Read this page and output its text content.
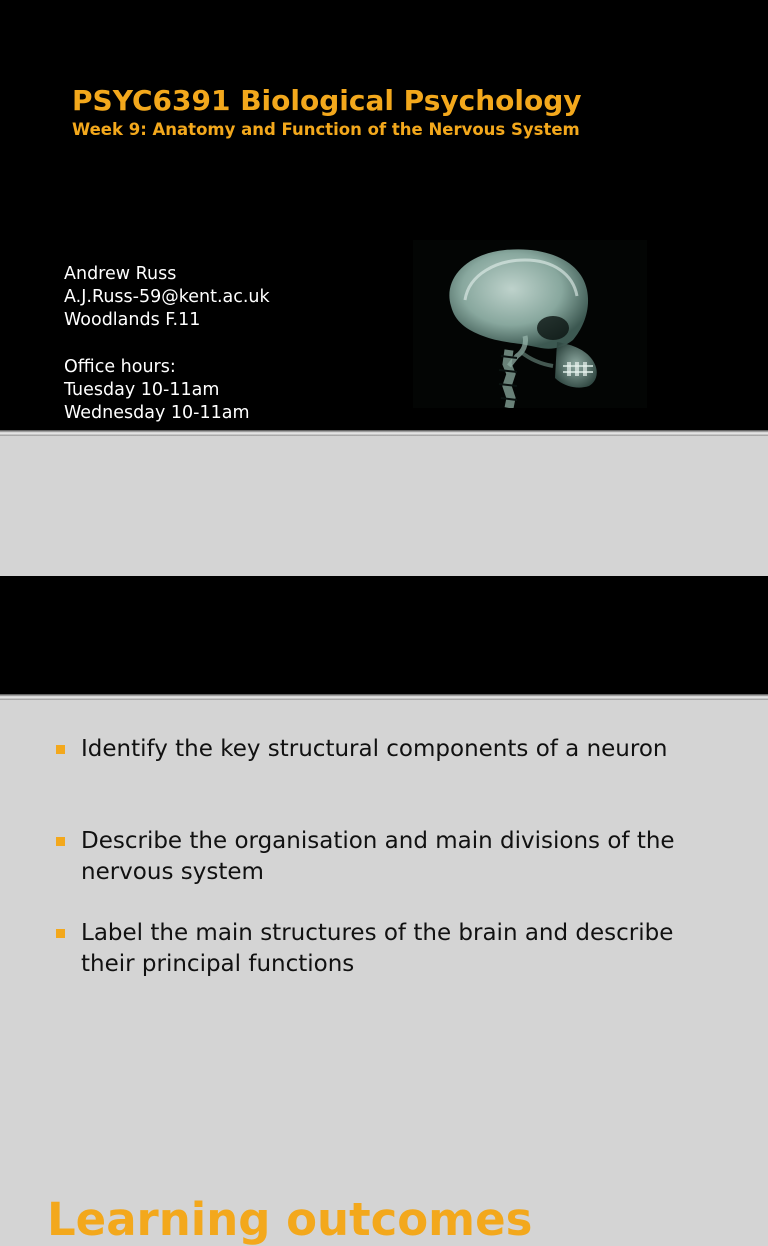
PSYC6391 Biological Psychology
Week 9: Anatomy and Function of the Nervous System
Andrew Russ
A.J.Russ-59@kent.ac.uk
Woodlands F.11
Office hours:
Tuesday 10-11am
Wednesday 10-11am
Learning outcomes
Identify the key structural components of a neuron
Describe the organisation and main divisions of the nervous system
Label the main structures of the brain and describe their principal functions
